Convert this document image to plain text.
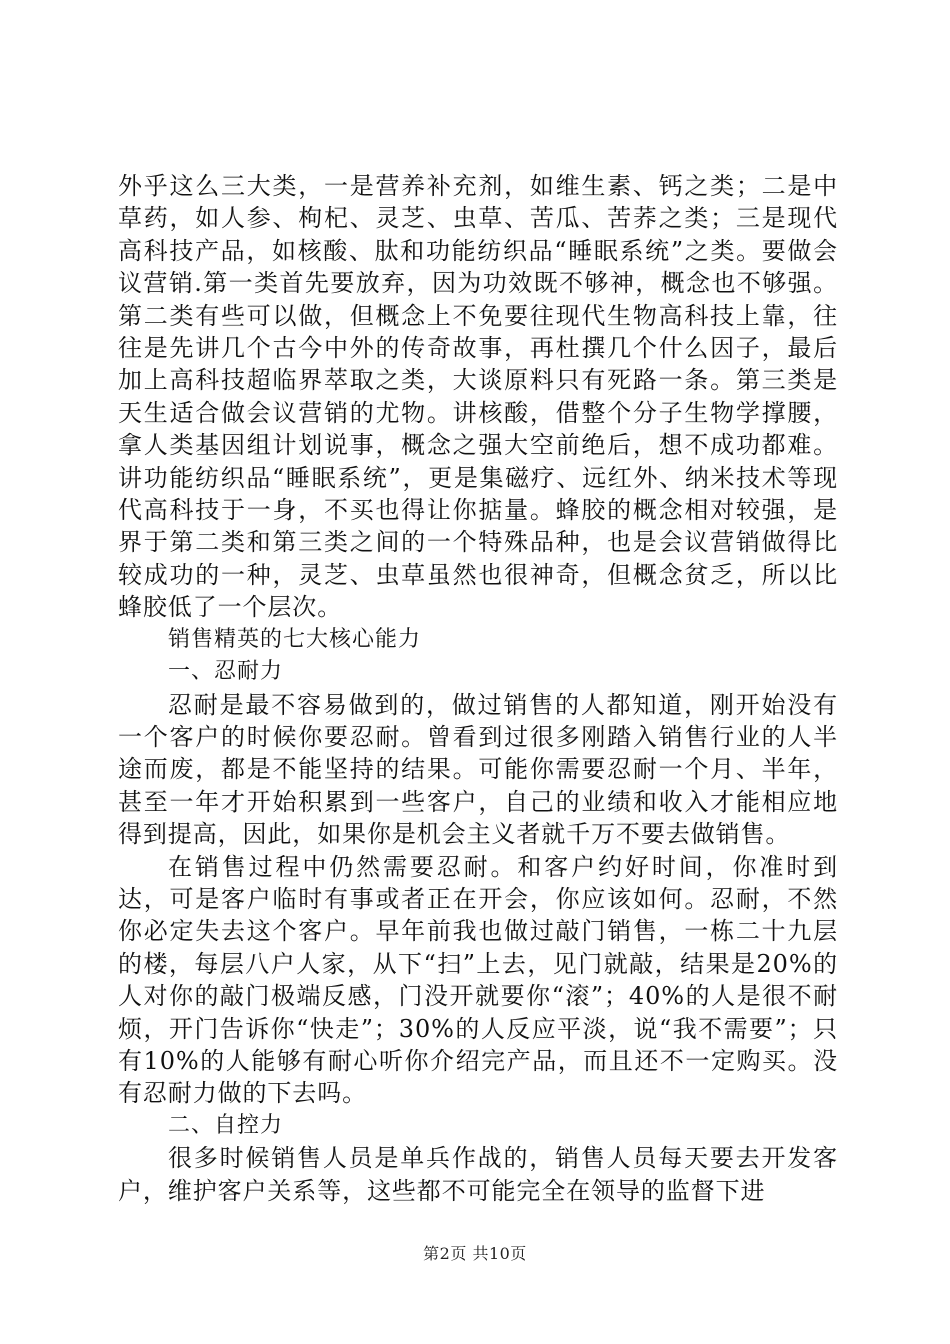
外乎这么三大类，一是营养补充剂，如维生素、钙之类；二是中草药，如人参、枸杞、灵芝、虫草、苦瓜、苦荞之类；三是现代高科技产品，如核酸、肽和功能纺织品“睡眠系统”之类。要做会议营销.第一类首先要放弃，因为功效既不够神，概念也不够强。第二类有些可以做，但概念上不免要往现代生物高科技上靠，往往是先讲几个古今中外的传奇故事，再杜撰几个什么因子，最后加上高科技超临界萃取之类，大谈原料只有死路一条。第三类是天生适合做会议营销的尤物。讲核酸，借整个分子生物学撑腰，拿人类基因组计划说事，概念之强大空前绝后，想不成功都难。讲功能纺织品“睡眠系统”，更是集磁疗、远红外、纳米技术等现代高科技于一身，不买也得让你掂量。蜂胶的概念相对较强，是界于第二类和第三类之间的一个特殊品种，也是会议营销做得比较成功的一种，灵芝、虫草虽然也很神奇，但概念贫乏，所以比蜂胶低了一个层次。

销售精英的七大核心能力

一、忍耐力

忍耐是最不容易做到的，做过销售的人都知道，刚开始没有一个客户的时候你要忍耐。曾看到过很多刚踏入销售行业的人半途而废，都是不能坚持的结果。可能你需要忍耐一个月、半年，甚至一年才开始积累到一些客户，自己的业绩和收入才能相应地得到提高，因此，如果你是机会主义者就千万不要去做销售。

在销售过程中仍然需要忍耐。和客户约好时间，你准时到达，可是客户临时有事或者正在开会，你应该如何。忍耐，不然你必定失去这个客户。早年前我也做过敲门销售，一栋二十九层的楼，每层八户人家，从下“扫”上去，见门就敲，结果是20%的人对你的敲门极端反感，门没开就要你“滚”；40%的人是很不耐烦，开门告诉你“快走”；30%的人反应平淡，说“我不需要”；只有10%的人能够有耐心听你介绍完产品，而且还不一定购买。没有忍耐力做的下去吗。

二、自控力

很多时候销售人员是单兵作战的，销售人员每天要去开发客户，维护客户关系等，这些都不可能完全在领导的监督下进

第2页 共10页
